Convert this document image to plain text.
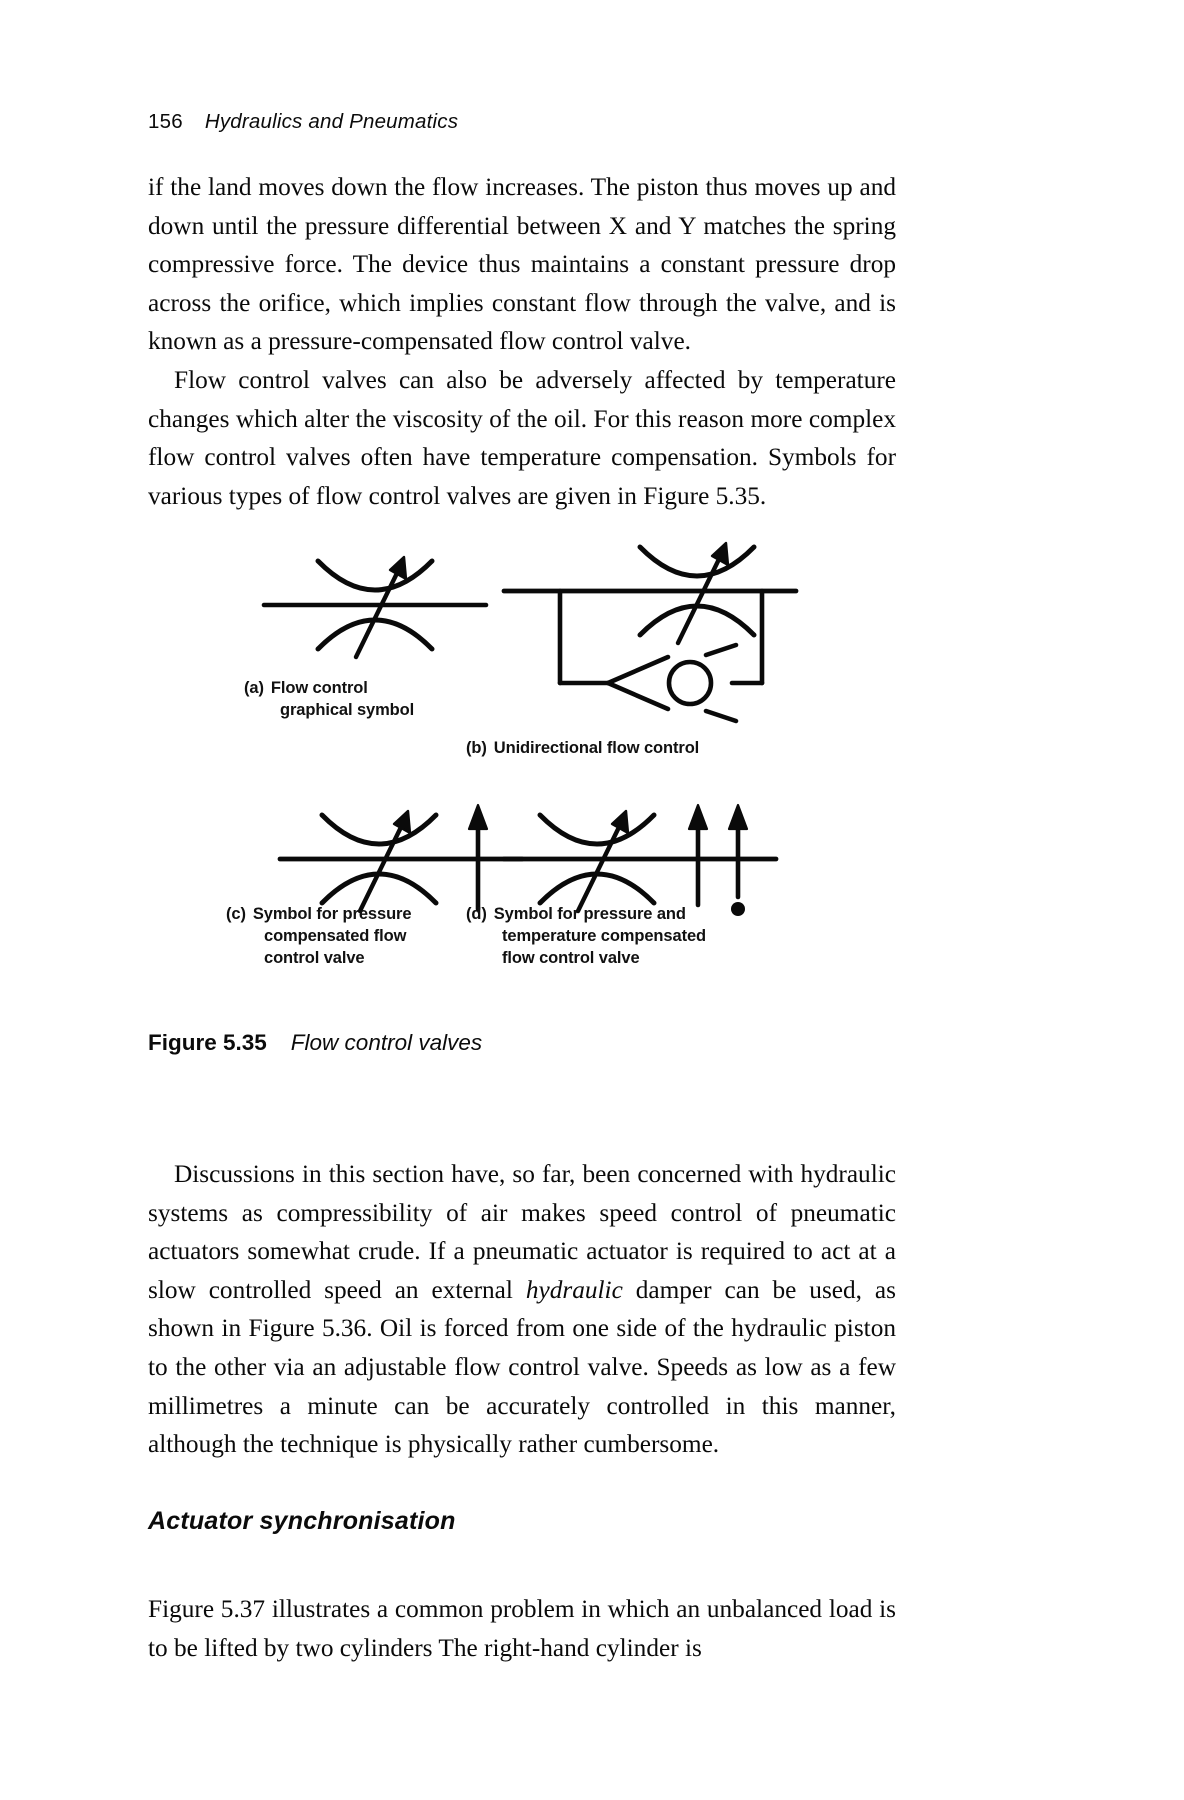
156 Hydraulics and Pneumatics

if the land moves down the flow increases. The piston thus moves up and down until the pressure differential between X and Y matches the spring compressive force. The device thus maintains a constant pressure drop across the orifice, which implies constant flow through the valve, and is known as a pressure-compensated flow control valve.

Flow control valves can also be adversely affected by temperature changes which alter the viscosity of the oil. For this reason more complex flow control valves often have temperature compensation. Symbols for various types of flow control valves are given in Figure 5.35.

(a) Flow control
graphical symbol
(b) Unidirectional flow control
(c) Symbol for pressure
compensated flow
control valve
(d) Symbol for pressure and
temperature compensated
flow control valve
Figure 5.35 Flow control valves

Discussions in this section have, so far, been concerned with hydraulic systems as compressibility of air makes speed control of pneumatic actuators somewhat crude. If a pneumatic actuator is required to act at a slow controlled speed an external hydraulic damper can be used, as shown in Figure 5.36. Oil is forced from one side of the hydraulic piston to the other via an adjustable flow control valve. Speeds as low as a few millimetres a minute can be accurately controlled in this manner, although the technique is physically rather cumbersome.

Actuator synchronisation

Figure 5.37 illustrates a common problem in which an unbalanced load is to be lifted by two cylinders The right-hand cylinder is
